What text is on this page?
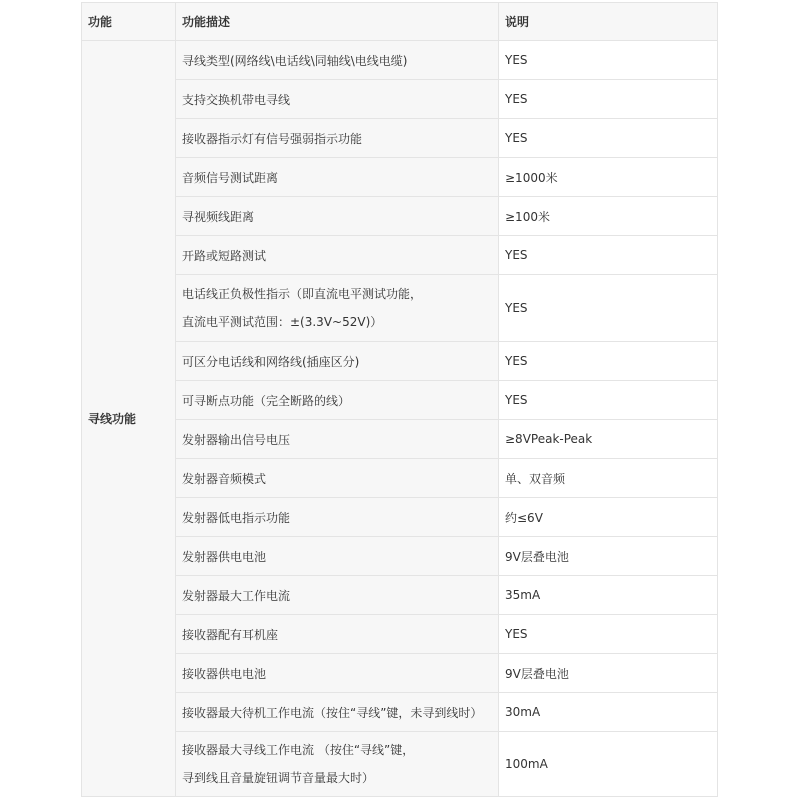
功能	功能描述	说明
寻线功能	寻线类型(网络线\电话线\同轴线\电线电缆)	YES

	支持交换机带电寻线	YES

	接收器指示灯有信号强弱指示功能	YES

	音频信号测试距离	≥1000米

	寻视频线距离	≥100米

	开路或短路测试	YES

	电话线正负极性指示（即直流电平测试功能，
直流电平测试范围：±(3.3V~52V)）	YES

	可区分电话线和网络线(插座区分)	YES

	可寻断点功能（完全断路的线）	YES

	发射器输出信号电压	≥8VPeak-Peak

	发射器音频模式	单、双音频

	发射器低电指示功能	约≤6V

	发射器供电电池	9V层叠电池

	发射器最大工作电流	35mA

	接收器配有耳机座	YES

	接收器供电电池	9V层叠电池

	接收器最大待机工作电流（按住“寻线”键，未寻到线时）	30mA

	接收器最大寻线工作电流 （按住“寻线”键，
寻到线且音量旋钮调节音量最大时）	100mA
